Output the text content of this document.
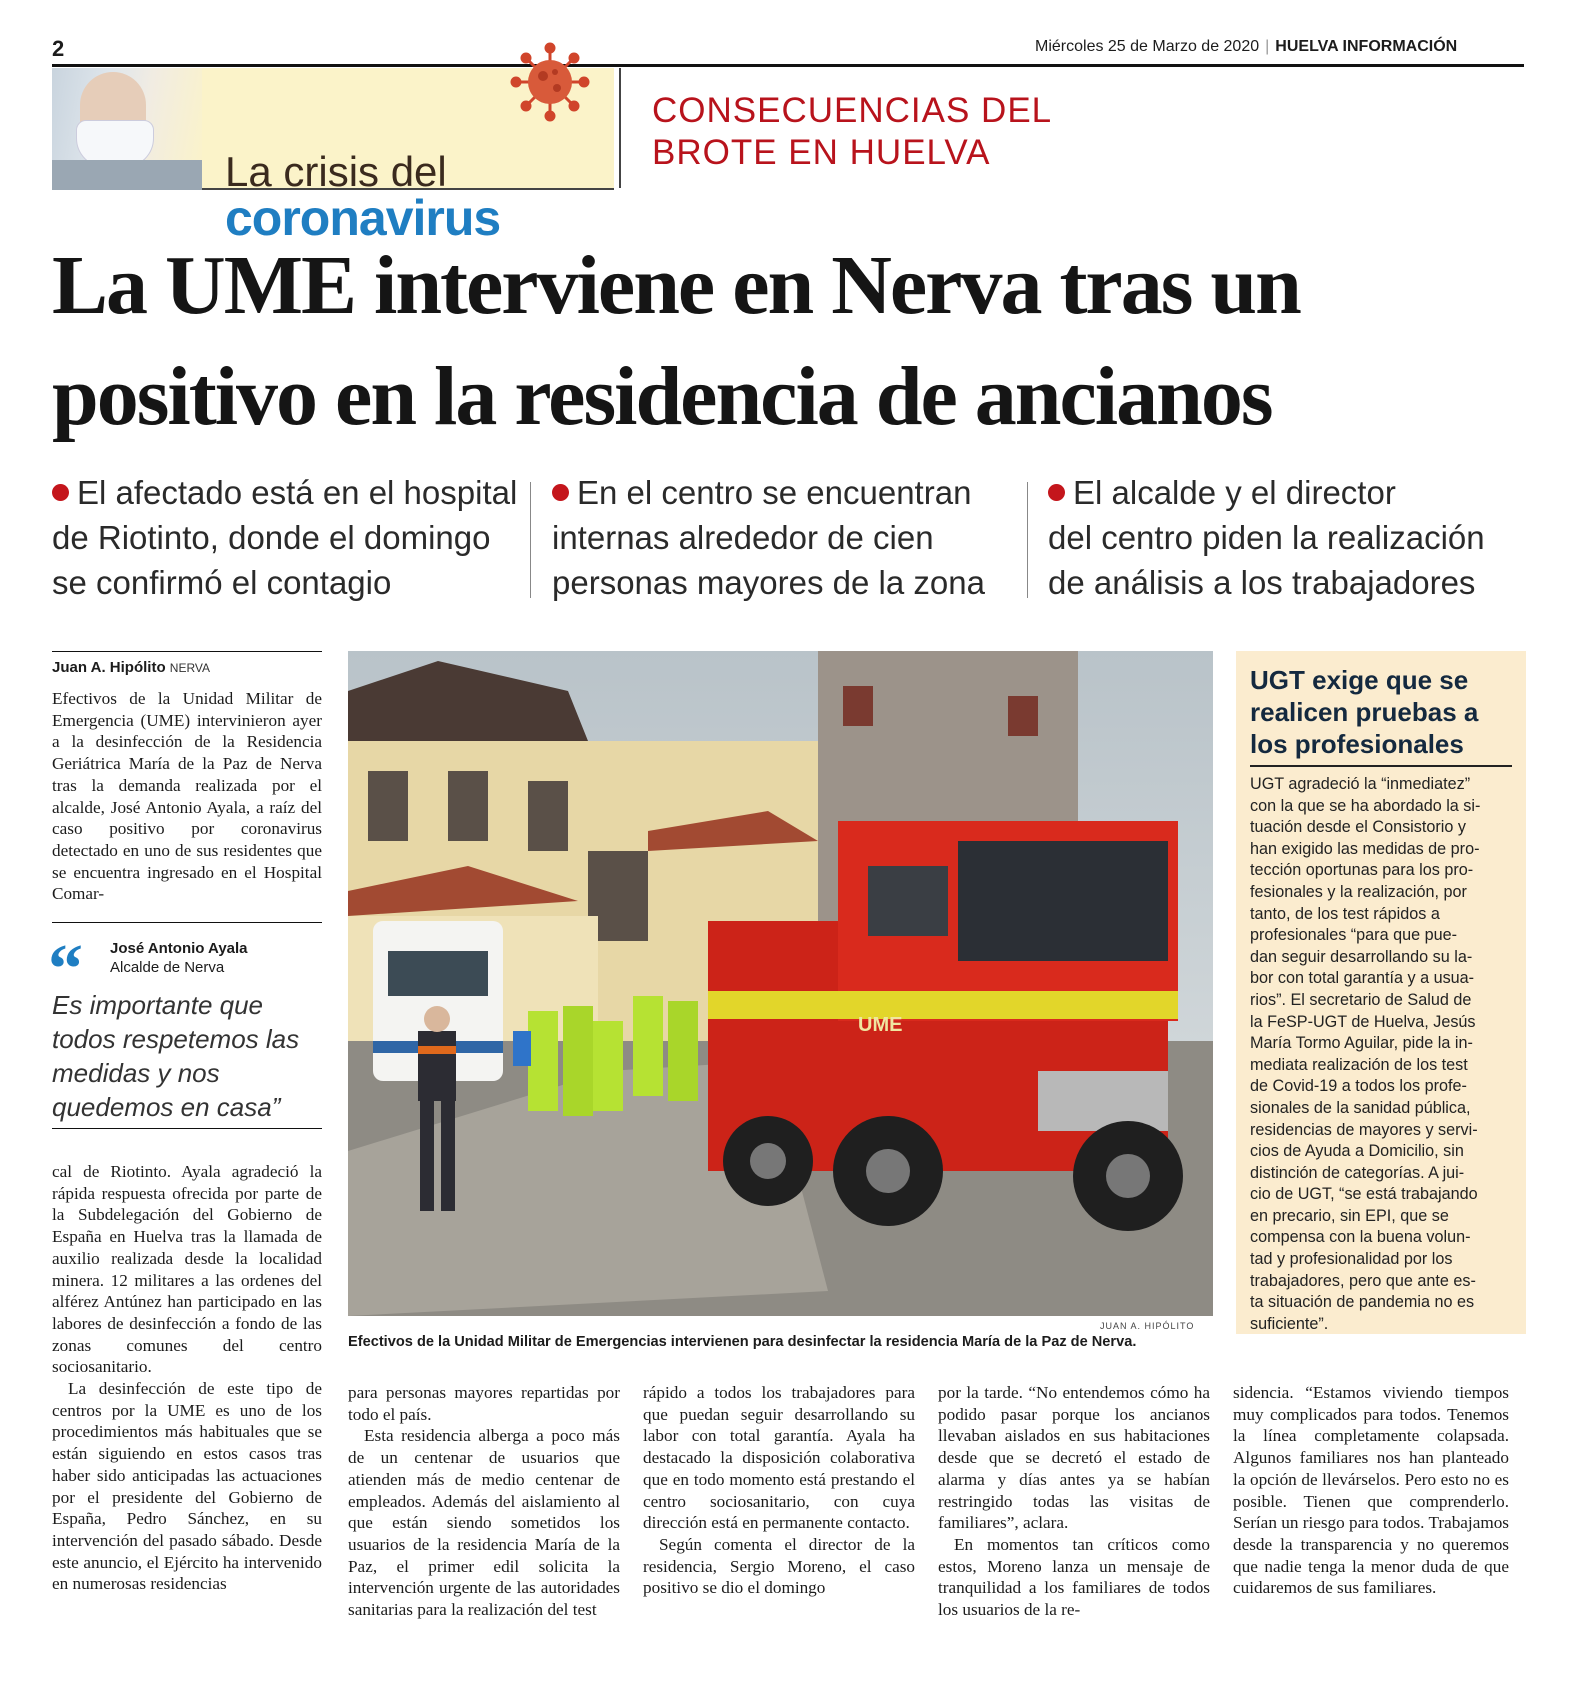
2	Miércoles 25 de Marzo de 2020 | HUELVA INFORMACIÓN
La crisis del
coronavirus
CONSECUENCIAS DEL
BROTE EN HUELVA
La UME interviene en Nerva tras un
positivo en la residencia de ancianos
El afectado está en el hospital
de Riotinto, donde el domingo
se confirmó el contagio
En el centro se encuentran
internas alrededor de cien
personas mayores de la zona
El alcalde y el director
del centro piden la realización
de análisis a los trabajadores
Juan A. Hipólito NERVA

Efectivos de la Unidad Militar de Emergencia (UME) intervinieron ayer a la desinfección de la Residencia Geriátrica María de la Paz de Nerva tras la demanda realizada por el alcalde, José Antonio Ayala, a raíz del caso positivo por coronavirus detectado en uno de sus residentes que se encuentra ingresado en el Hospital Comar-

“ José Antonio Ayala
Alcalde de Nerva
Es importante que todos respetemos las medidas y nos quedemos en casa”

cal de Riotinto. Ayala agradeció la rápida respuesta ofrecida por parte de la Subdelegación del Gobierno de España en Huelva tras la llamada de auxilio realizada desde la localidad minera. 12 militares a las ordenes del alférez Antúnez han participado en las labores de desinfección a fondo de las zonas comunes del centro sociosanitario.

La desinfección de este tipo de centros por la UME es uno de los procedimientos más habituales que se están siguiendo en estos casos tras haber sido anticipadas las actuaciones por el presidente del Gobierno de España, Pedro Sánchez, en su intervención del pasado sábado. Desde este anuncio, el Ejército ha intervenido en numerosas residencias

para personas mayores repartidas por todo el país.

Esta residencia alberga a poco más de un centenar de usuarios que atienden más de medio centenar de empleados. Además del aislamiento al que están siendo sometidos los usuarios de la residencia María de la Paz, el primer edil solicita la intervención urgente de las autoridades sanitarias para la realización del test

rápido a todos los trabajadores para que puedan seguir desarrollando su labor con total garantía. Ayala ha destacado la disposición colaborativa que en todo momento está prestando el centro sociosanitario, con cuya dirección está en permanente contacto.

Según comenta el director de la residencia, Sergio Moreno, el caso positivo se dio el domingo

por la tarde. “No entendemos cómo ha podido pasar porque los ancianos llevaban aislados en sus habitaciones desde que se decretó el estado de alarma y días antes ya se habían restringido todas las visitas de familiares”, aclara.

En momentos tan críticos como estos, Moreno lanza un mensaje de tranquilidad a los familiares de todos los usuarios de la re-

sidencia. “Estamos viviendo tiempos muy complicados para todos. Tenemos la línea completamente colapsada. Algunos familiares nos han planteado la opción de llevárselos. Pero esto no es posible. Tienen que comprenderlo. Serían un riesgo para todos. Trabajamos desde la transparencia y no queremos que nadie tenga la menor duda de que cuidaremos de sus familiares.

UME
JUAN A. HIPÓLITO
Efectivos de la Unidad Militar de Emergencias intervienen para desinfectar la residencia María de la Paz de Nerva.
UGT exige que se
realicen pruebas a
los profesionales
UGT agradeció la “inmediatez”
con la que se ha abordado la si-
tuación desde el Consistorio y
han exigido las medidas de pro-
tección oportunas para los pro-
fesionales y la realización, por
tanto, de los test rápidos a
profesionales “para que pue-
dan seguir desarrollando su la-
bor con total garantía y a usua-
rios”. El secretario de Salud de
la FeSP-UGT de Huelva, Jesús
María Tormo Aguilar, pide la in-
mediata realización de los test
de Covid-19 a todos los profe-
sionales de la sanidad pública,
residencias de mayores y servi-
cios de Ayuda a Domicilio, sin
distinción de categorías. A jui-
cio de UGT, “se está trabajando
en precario, sin EPI, que se
compensa con la buena volun-
tad y profesionalidad por los
trabajadores, pero que ante es-
ta situación de pandemia no es
suficiente”.
